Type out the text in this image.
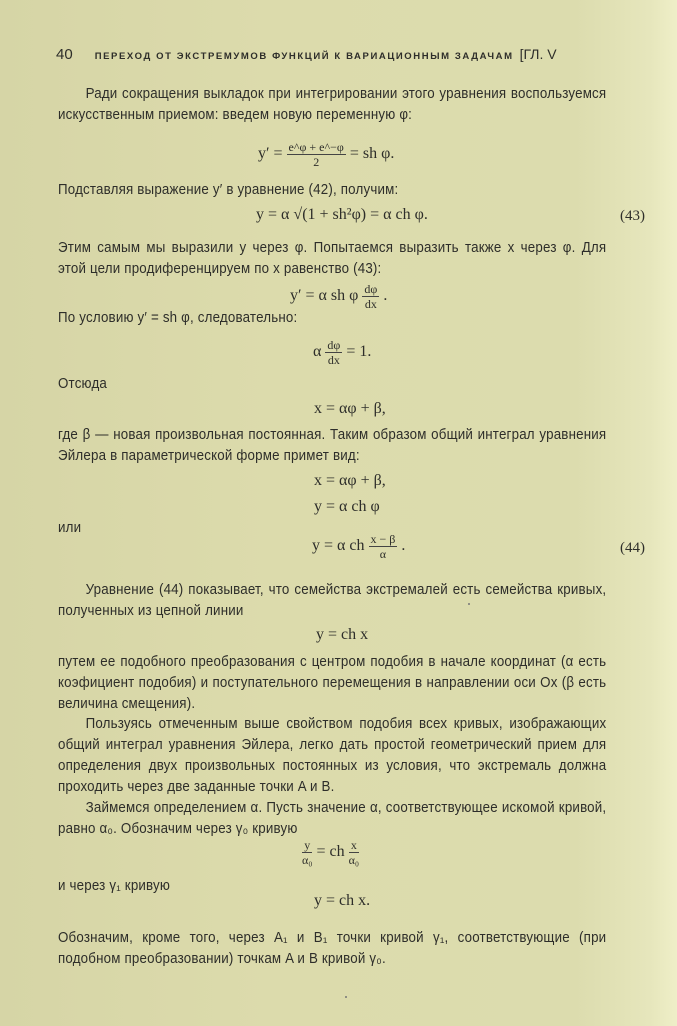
40 ПЕРЕХОД ОТ ЭКСТРЕМУМОВ ФУНКЦИЙ К ВАРИАЦИОННЫМ ЗАДАЧАМ [ГЛ. V
Ради сокращения выкладок при интегрировании этого уравнения воспользуемся искусственным приемом: введем новую переменную φ:
$y' = \frac{e\^{}\varphi + e\^{}-\varphi}{2}$ = sh φ.
Подставляя выражение y′ в уравнение (42), получим:
y = α √(1 + sh²φ) = α ch φ.	(43)
Этим самым мы выразили y через φ. Попытаемся выразить также x через φ. Для этой цели продиференцируем по x равенство (43):
y′ = α sh φ $\frac{d\varphi}{dx}$ .
По условию y′ = sh φ, следовательно:
α $\frac{d\varphi}{dx} = 1$.
Отсюда
x = αφ + β,
где β — новая произвольная постоянная. Таким образом общий интеграл уравнения Эйлера в параметрической форме примет вид:
x = αφ + β,
y = α ch φ
или
y = α ch $\frac{x - \beta}{\alpha}$ .	(44)
Уравнение (44) показывает, что семейства экстремалей есть семейства кривых, полученных из цепной линии
y = ch x
путем ее подобного преобразования с центром подобия в начале координат (α есть коэфициент подобия) и поступательного перемещения в направлении оси Ox (β есть величина смещения).
Пользуясь отмеченным выше свойством подобия всех кривых, изображающих общий интеграл уравнения Эйлера, легко дать простой геометрический прием для определения двух произвольных постоянных из условия, что экстремаль должна проходить через две заданные точки A и B.
Займемся определением α. Пусть значение α, соответствующее искомой кривой, равно α₀. Обозначим через γ₀ кривую
$\frac{y}{\text{α₀}}$ = ch $\frac{x}{\text{α₀}}$
и через γ₁ кривую
y = ch x.
Обозначим, кроме того, через A₁ и B₁ точки кривой γ₁, соответствующие (при подобном преобразовании) точкам A и B кривой γ₀.
